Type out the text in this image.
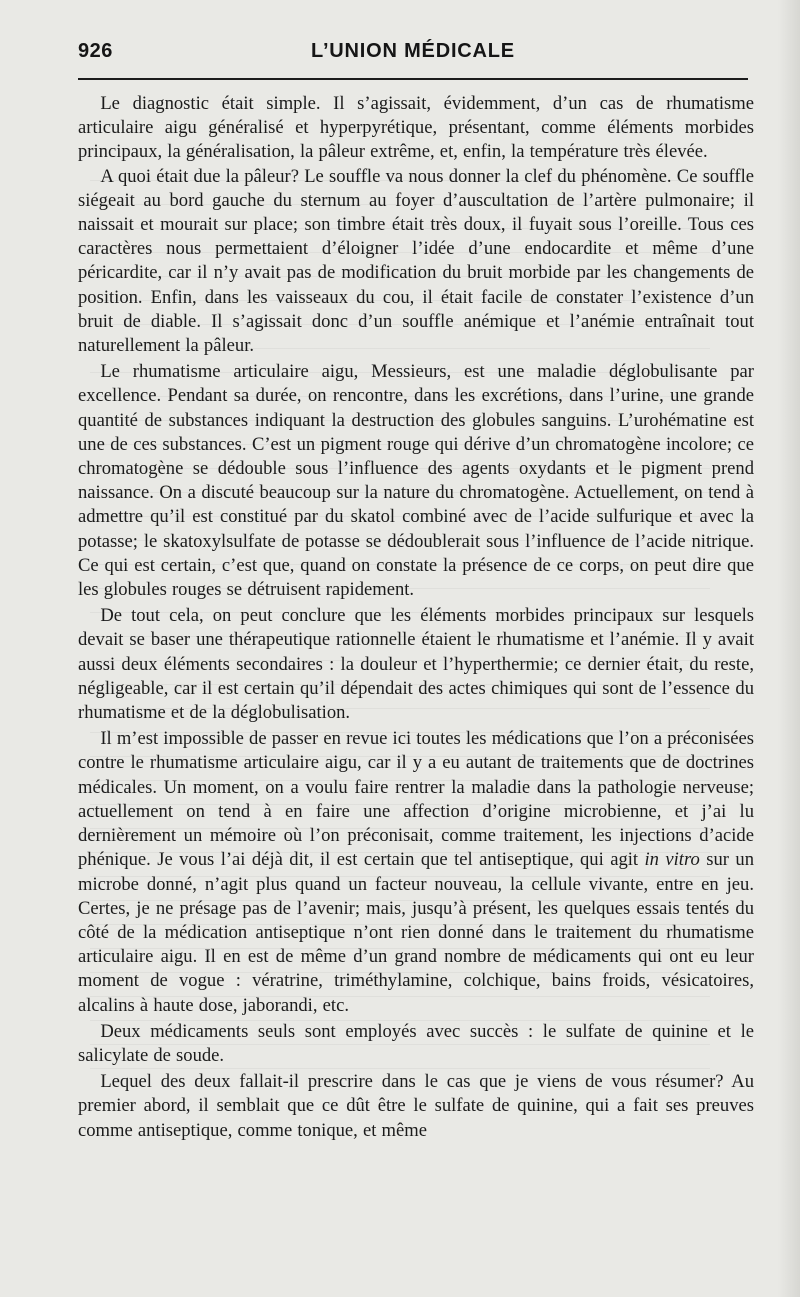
926	L’UNION MÉDICALE

Le diagnostic était simple. Il s’agissait, évidemment, d’un cas de rhumatisme articulaire aigu généralisé et hyperpyrétique, présentant, comme éléments morbides principaux, la généralisation, la pâleur extrême, et, enfin, la température très élevée.

A quoi était due la pâleur? Le souffle va nous donner la clef du phénomène. Ce souffle siégeait au bord gauche du sternum au foyer d’auscultation de l’artère pulmonaire; il naissait et mourait sur place; son timbre était très doux, il fuyait sous l’oreille. Tous ces caractères nous permettaient d’éloigner l’idée d’une endocardite et même d’une péricardite, car il n’y avait pas de modification du bruit morbide par les changements de position. Enfin, dans les vaisseaux du cou, il était facile de constater l’existence d’un bruit de diable. Il s’agissait donc d’un souffle anémique et l’anémie entraînait tout naturellement la pâleur.

Le rhumatisme articulaire aigu, Messieurs, est une maladie déglobulisante par excellence. Pendant sa durée, on rencontre, dans les excrétions, dans l’urine, une grande quantité de substances indiquant la destruction des globules sanguins. L’urohématine est une de ces substances. C’est un pigment rouge qui dérive d’un chromatogène incolore; ce chromatogène se dédouble sous l’influence des agents oxydants et le pigment prend naissance. On a discuté beaucoup sur la nature du chromatogène. Actuellement, on tend à admettre qu’il est constitué par du skatol combiné avec de l’acide sulfurique et avec la potasse; le skatoxylsulfate de potasse se dédoublerait sous l’influence de l’acide nitrique. Ce qui est certain, c’est que, quand on constate la présence de ce corps, on peut dire que les globules rouges se détruisent rapidement.

De tout cela, on peut conclure que les éléments morbides principaux sur lesquels devait se baser une thérapeutique rationnelle étaient le rhumatisme et l’anémie. Il y avait aussi deux éléments secondaires : la douleur et l’hyperthermie; ce dernier était, du reste, négligeable, car il est certain qu’il dépendait des actes chimiques qui sont de l’essence du rhumatisme et de la déglobulisation.

Il m’est impossible de passer en revue ici toutes les médications que l’on a préconisées contre le rhumatisme articulaire aigu, car il y a eu autant de traitements que de doctrines médicales. Un moment, on a voulu faire rentrer la maladie dans la pathologie nerveuse; actuellement on tend à en faire une affection d’origine microbienne, et j’ai lu dernièrement un mémoire où l’on préconisait, comme traitement, les injections d’acide phénique. Je vous l’ai déjà dit, il est certain que tel antiseptique, qui agit in vitro sur un microbe donné, n’agit plus quand un facteur nouveau, la cellule vivante, entre en jeu. Certes, je ne présage pas de l’avenir; mais, jusqu’à présent, les quelques essais tentés du côté de la médication antiseptique n’ont rien donné dans le traitement du rhumatisme articulaire aigu. Il en est de même d’un grand nombre de médicaments qui ont eu leur moment de vogue : vératrine, triméthylamine, colchique, bains froids, vésicatoires, alcalins à haute dose, jaborandi, etc.

Deux médicaments seuls sont employés avec succès : le sulfate de quinine et le salicylate de soude.

Lequel des deux fallait-il prescrire dans le cas que je viens de vous résumer? Au premier abord, il semblait que ce dût être le sulfate de quinine, qui a fait ses preuves comme antiseptique, comme tonique, et même
